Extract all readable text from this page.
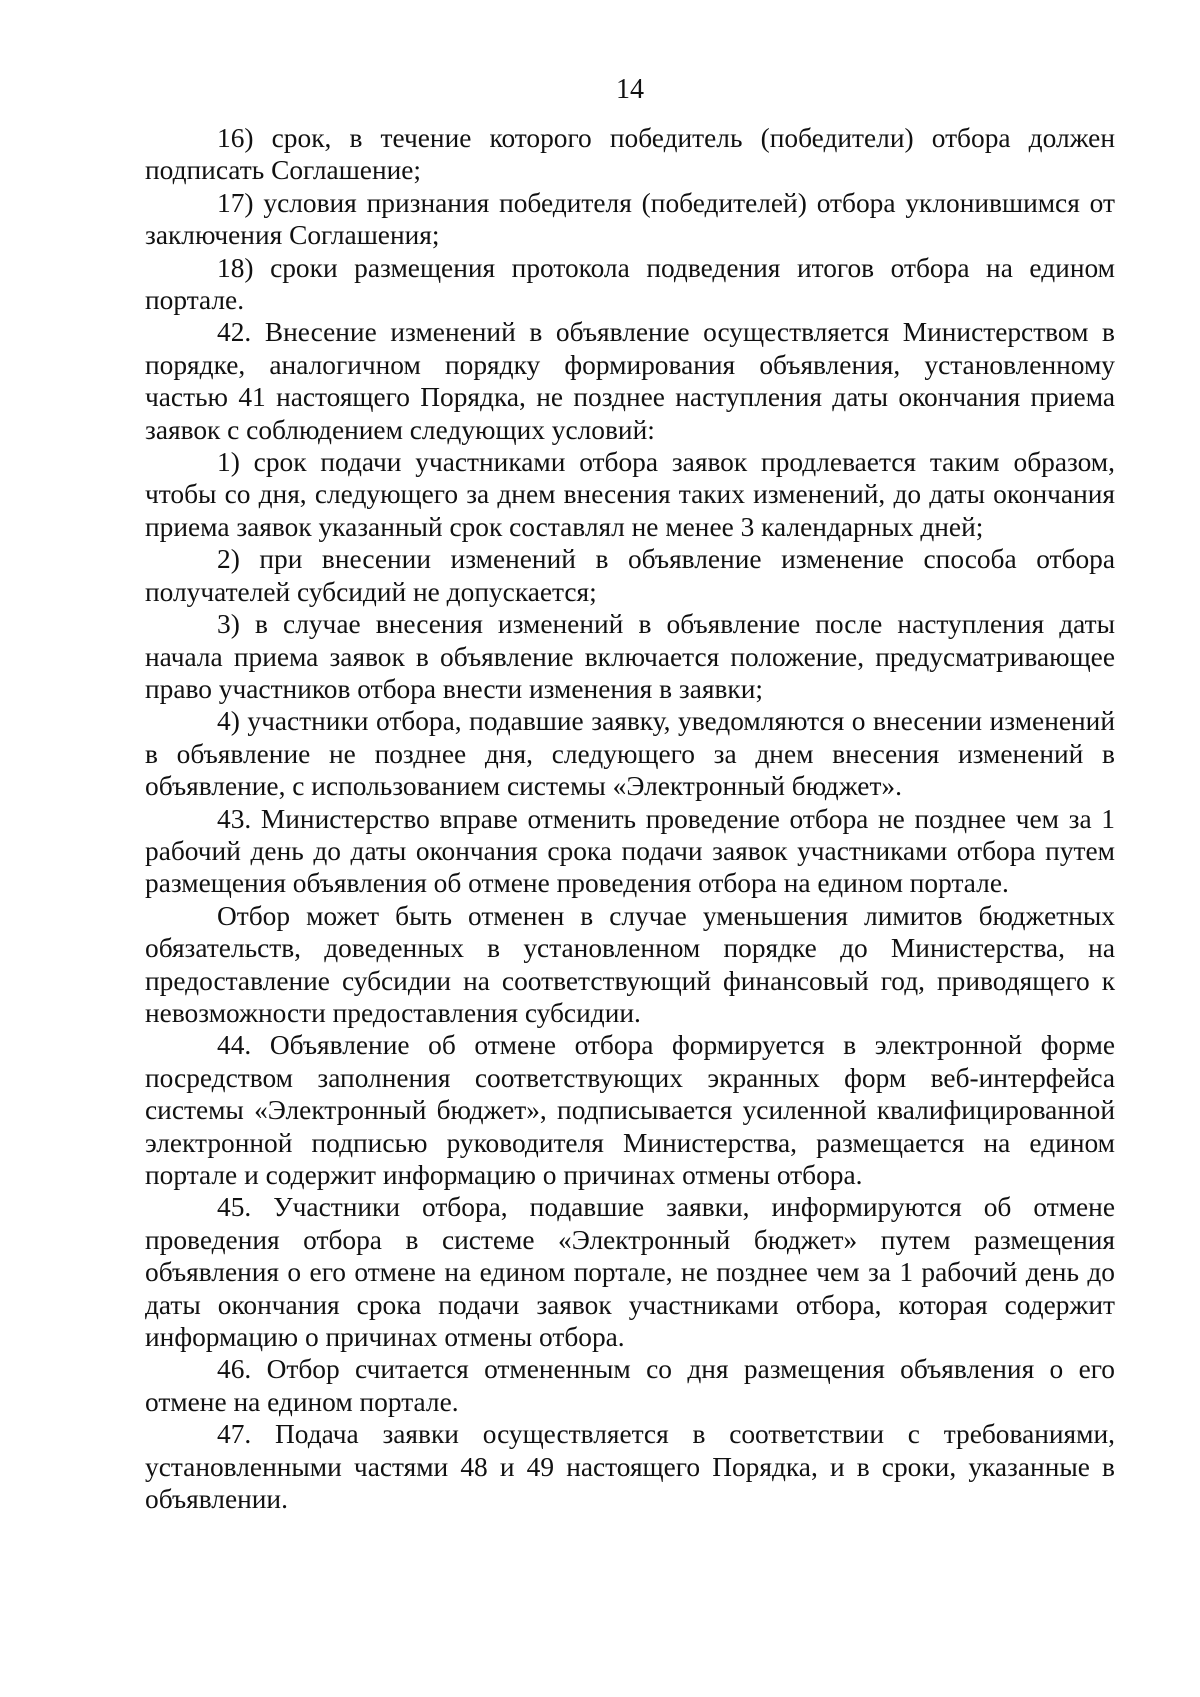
14

16) срок, в течение которого победитель (победители) отбора должен подписать Соглашение;

17) условия признания победителя (победителей) отбора уклонившимся от заключения Соглашения;

18) сроки размещения протокола подведения итогов отбора на едином портале.

42. Внесение изменений в объявление осуществляется Министерством в порядке, аналогичном порядку формирования объявления, установленному частью 41 настоящего Порядка, не позднее наступления даты окончания приема заявок с соблюдением следующих условий:

1) срок подачи участниками отбора заявок продлевается таким образом, чтобы со дня, следующего за днем внесения таких изменений, до даты окончания приема заявок указанный срок составлял не менее 3 календарных дней;

2) при внесении изменений в объявление изменение способа отбора получателей субсидий не допускается;

3) в случае внесения изменений в объявление после наступления даты начала приема заявок в объявление включается положение, предусматривающее право участников отбора внести изменения в заявки;

4) участники отбора, подавшие заявку, уведомляются о внесении изменений в объявление не позднее дня, следующего за днем внесения изменений в объявление, с использованием системы «Электронный бюджет».

43. Министерство вправе отменить проведение отбора не позднее чем за 1 рабочий день до даты окончания срока подачи заявок участниками отбора путем размещения объявления об отмене проведения отбора на едином портале.

Отбор может быть отменен в случае уменьшения лимитов бюджетных обязательств, доведенных в установленном порядке до Министерства, на предоставление субсидии на соответствующий финансовый год, приводящего к невозможности предоставления субсидии.

44. Объявление об отмене отбора формируется в электронной форме посредством заполнения соответствующих экранных форм веб-интерфейса системы «Электронный бюджет», подписывается усиленной квалифицированной электронной подписью руководителя Министерства, размещается на едином портале и содержит информацию о причинах отмены отбора.

45. Участники отбора, подавшие заявки, информируются об отмене проведения отбора в системе «Электронный бюджет» путем размещения объявления о его отмене на едином портале, не позднее чем за 1 рабочий день до даты окончания срока подачи заявок участниками отбора, которая содержит информацию о причинах отмены отбора.

46. Отбор считается отмененным со дня размещения объявления о его отмене на едином портале.

47. Подача заявки осуществляется в соответствии с требованиями, установленными частями 48 и 49 настоящего Порядка, и в сроки, указанные в объявлении.
